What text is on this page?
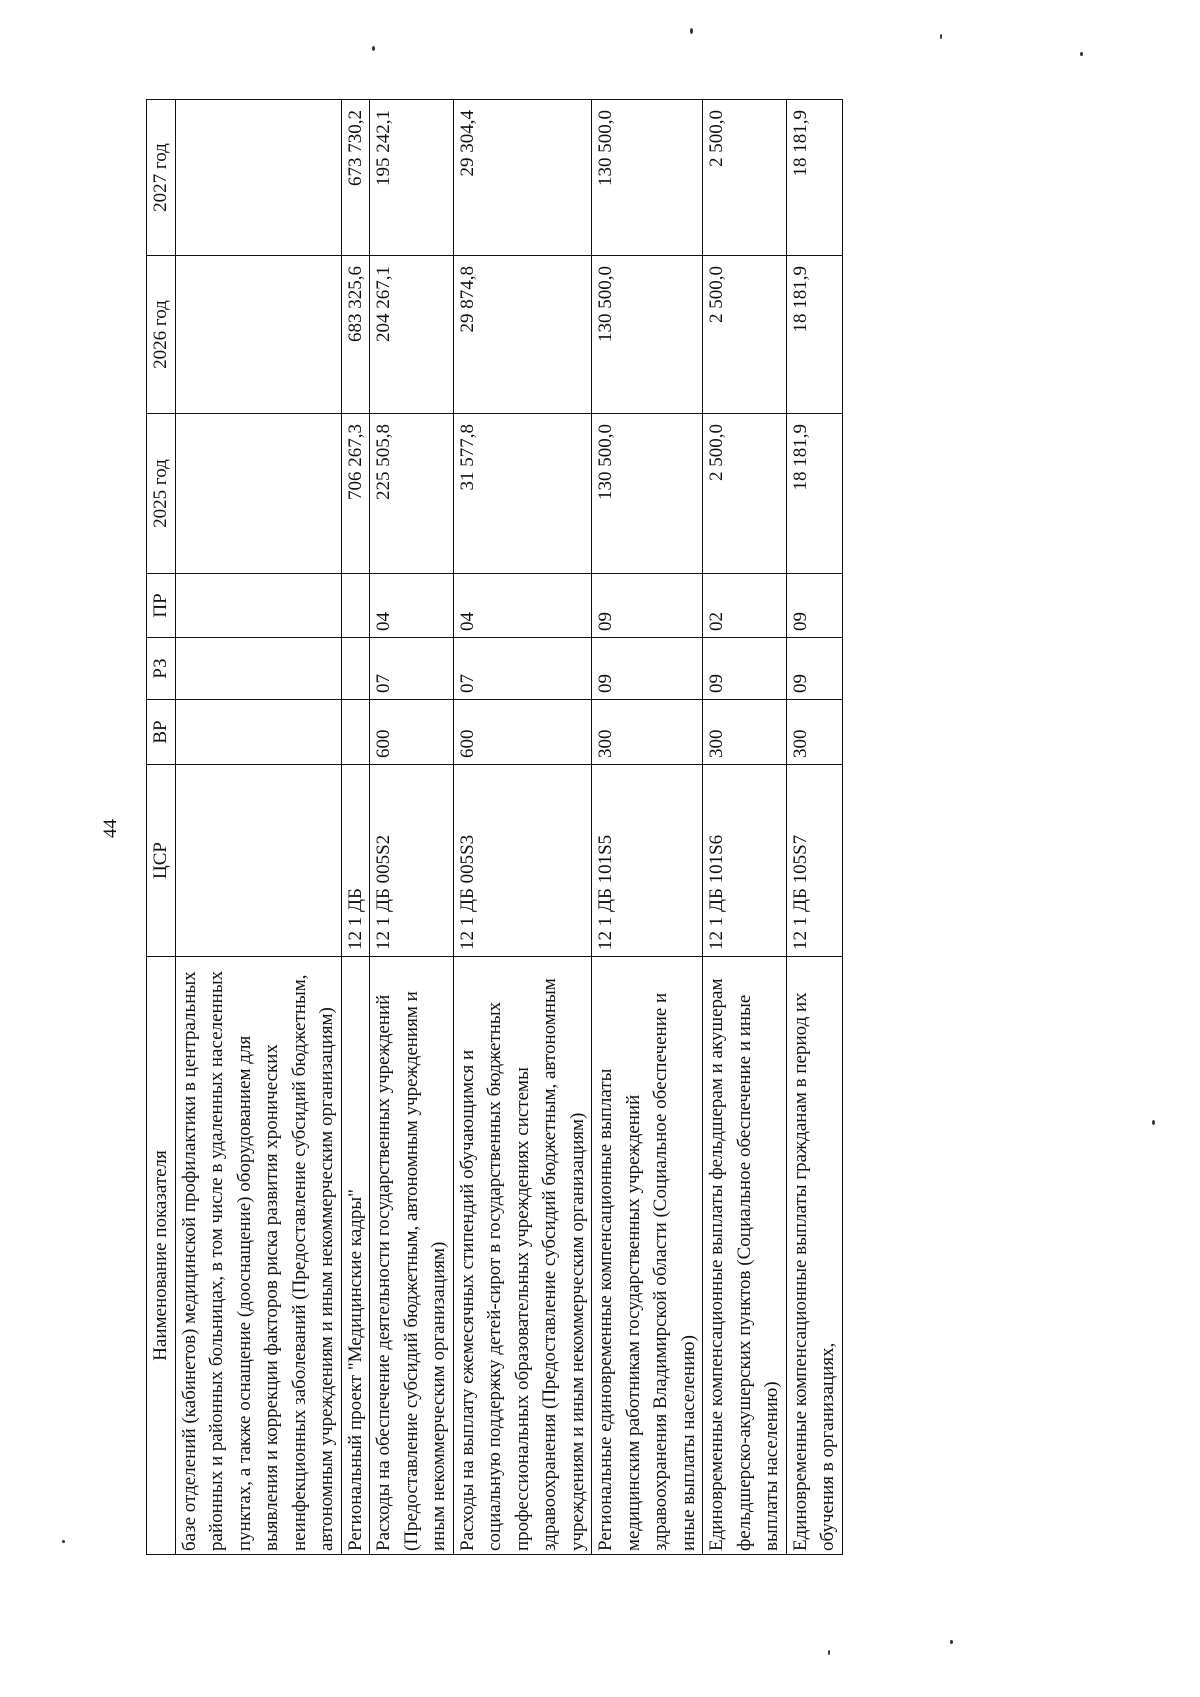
44
Наименование показателя	ЦСР	ВР	РЗ	ПР	2025 год	2026 год	2027 год
базе отделений (кабинетов) медицинской профилактики в центральных районных и районных больницах, в том числе в удаленных населенных пунктах, а также оснащение (дооснащение) оборудованием для выявления и коррекции факторов риска развития хронических неинфекционных заболеваний (Предоставление субсидий бюджетным, автономным учреждениям и иным некоммерческим организациям)							
Региональный проект "Медицинские кадры"	12 1 ДБ				706 267,3	683 325,6	673 730,2
Расходы на обеспечение деятельности государственных учреждений (Предоставление субсидий бюджетным, автономным учреждениям и иным некоммерческим организациям)	12 1 ДБ 005S2	600	07	04	225 505,8	204 267,1	195 242,1
Расходы на выплату ежемесячных стипендий обучающимся и социальную поддержку детей-сирот в государственных бюджетных профессиональных образовательных учреждениях системы здравоохранения (Предоставление субсидий бюджетным, автономным учреждениям и иным некоммерческим организациям)	12 1 ДБ 005S3	600	07	04	31 577,8	29 874,8	29 304,4
Региональные единовременные компенсационные выплаты медицинским работникам государственных учреждений здравоохранения Владимирской области (Социальное обеспечение и иные выплаты населению)	12 1 ДБ 101S5	300	09	09	130 500,0	130 500,0	130 500,0
Единовременные компенсационные выплаты фельдшерам и акушерам фельдшерско-акушерских пунктов (Социальное обеспечение и иные выплаты населению)	12 1 ДБ 101S6	300	09	02	2 500,0	2 500,0	2 500,0
Единовременные компенсационные выплаты гражданам в период их обучения в организациях,	12 1 ДБ 105S7	300	09	09	18 181,9	18 181,9	18 181,9
